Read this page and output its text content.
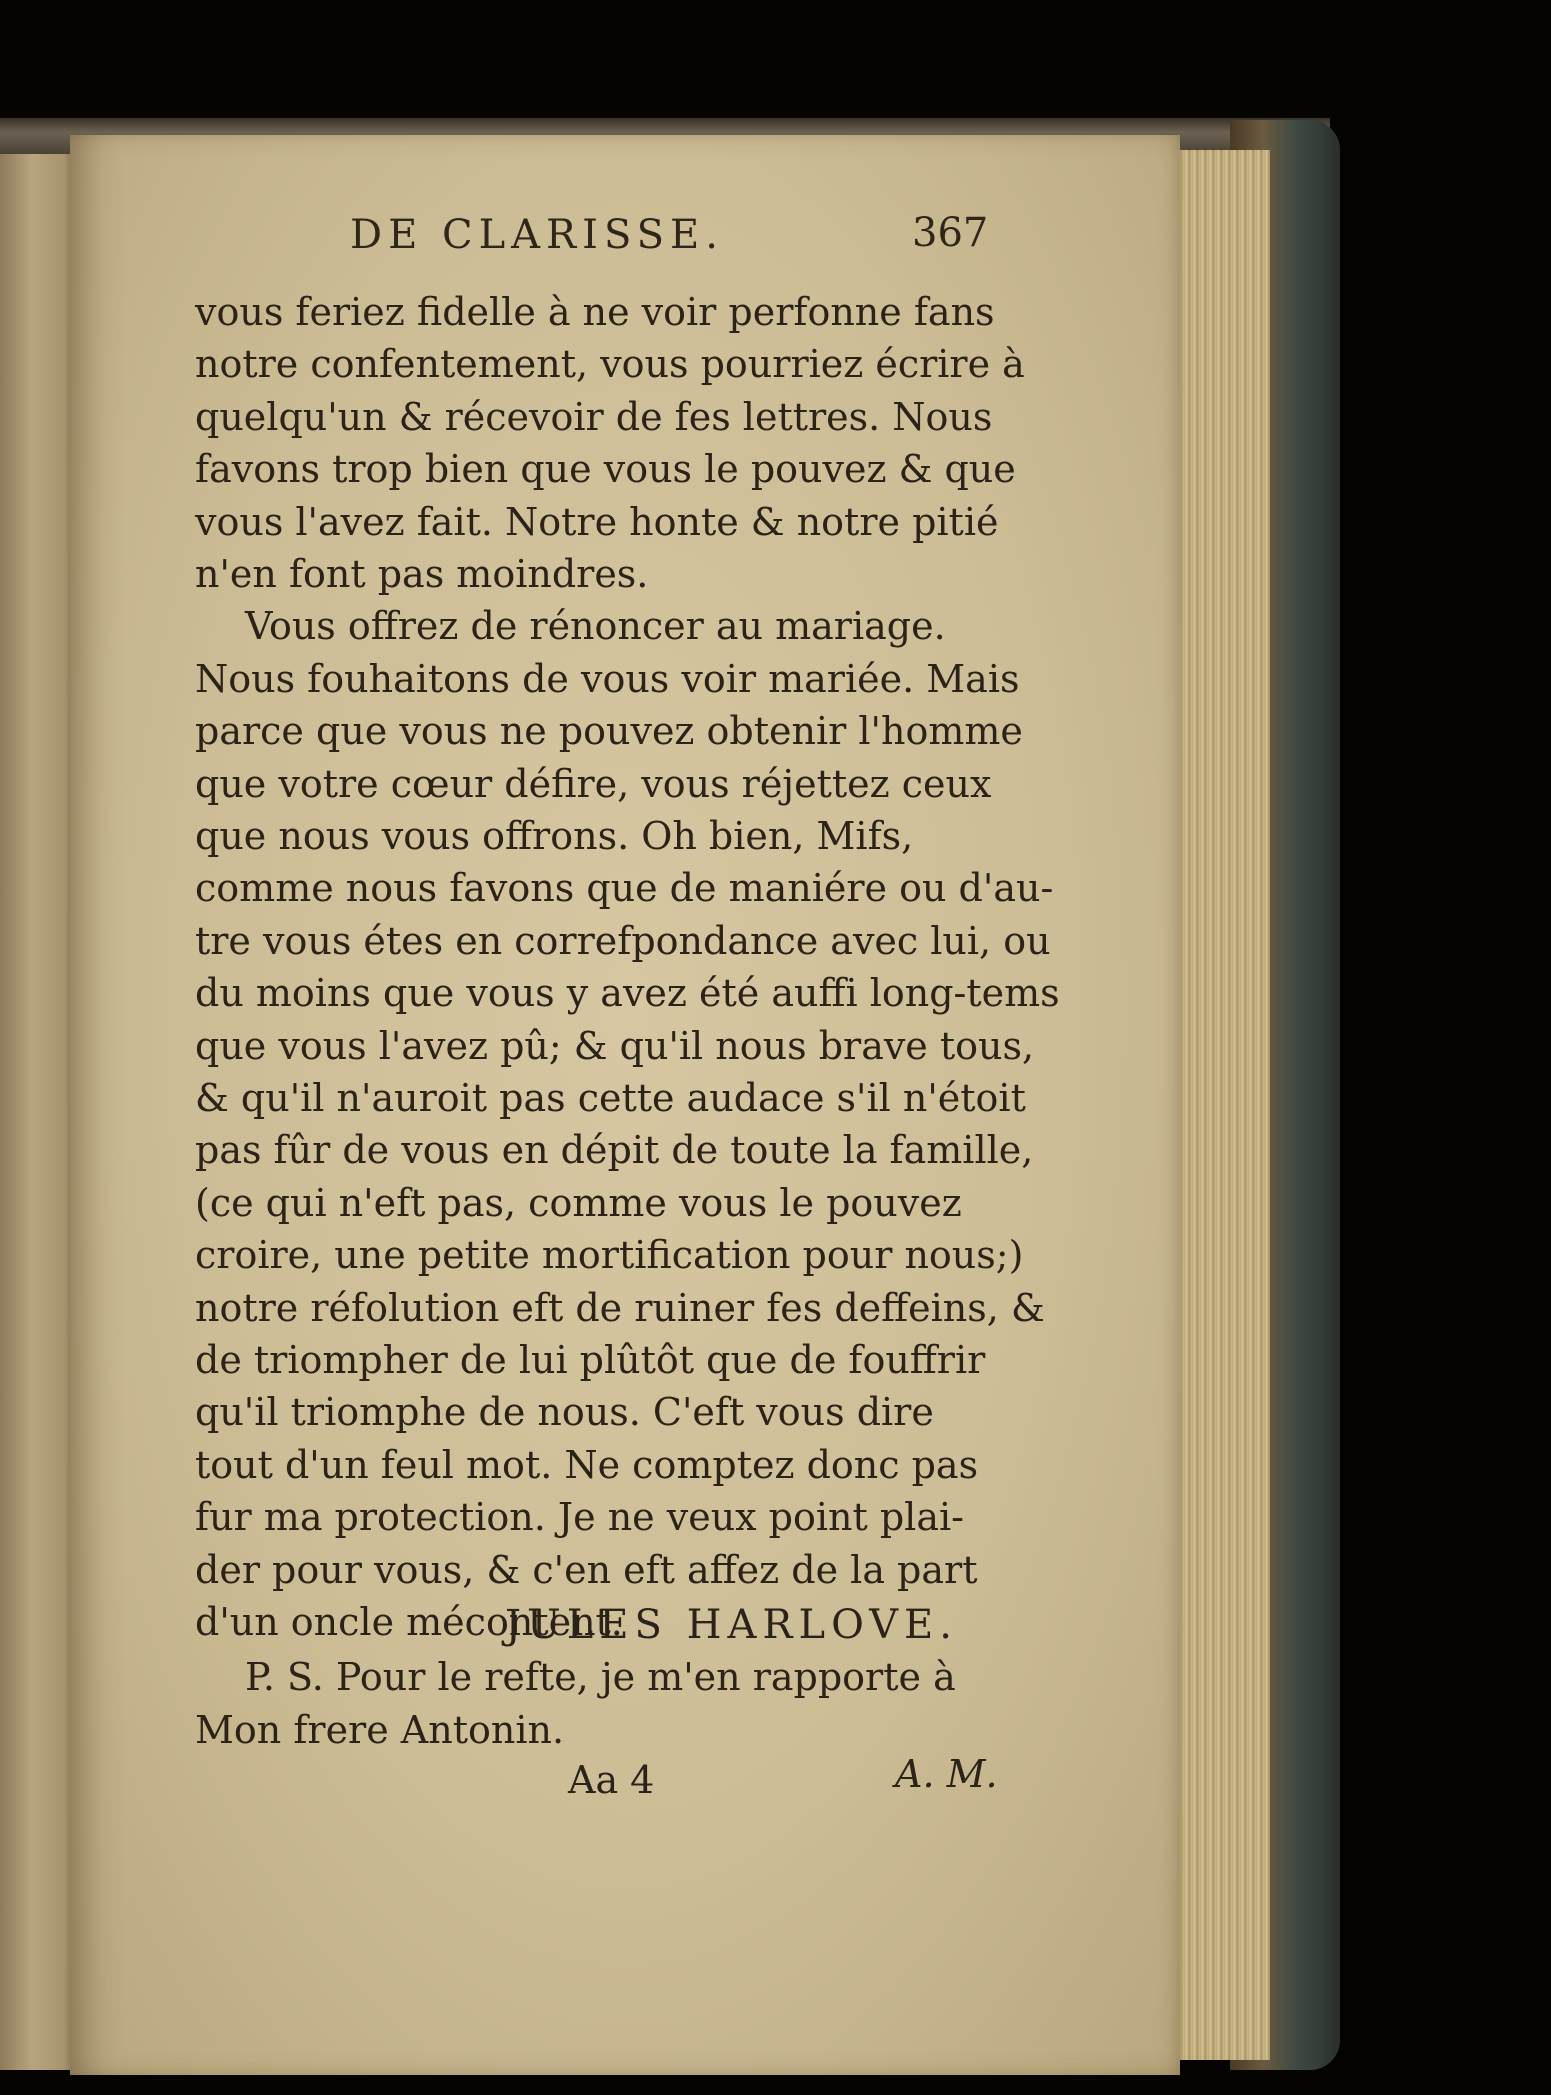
DE CLARISSE.	367
vous feriez fidelle à ne voir perfonne fans
notre confentement, vous pourriez écrire à
quelqu'un & récevoir de fes lettres. Nous
favons trop bien que vous le pouvez & que
vous l'avez fait. Notre honte & notre pitié
n'en font pas moindres.
Vous offrez de rénoncer au mariage.
Nous fouhaitons de vous voir mariée. Mais
parce que vous ne pouvez obtenir l'homme
que votre cœur défire, vous réjettez ceux
que nous vous offrons. Oh bien, Mifs,
comme nous favons que de maniére ou d'au-
tre vous étes en correfpondance avec lui, ou
du moins que vous y avez été auffi long-tems
que vous l'avez pû; & qu'il nous brave tous,
& qu'il n'auroit pas cette audace s'il n'étoit
pas fûr de vous en dépit de toute la famille,
(ce qui n'eft pas, comme vous le pouvez
croire, une petite mortification pour nous;)
notre réfolution eft de ruiner fes deffeins, &
de triompher de lui plûtôt que de fouffrir
qu'il triomphe de nous. C'eft vous dire
tout d'un feul mot. Ne comptez donc pas
fur ma protection. Je ne veux point plai-
der pour vous, & c'en eft affez de la part
d'un oncle mécontent.
JULES HARLOVE.
P. S. Pour le refte, je m'en rapporte à
Mon frere Antonin.
Aa 4	A. M.
